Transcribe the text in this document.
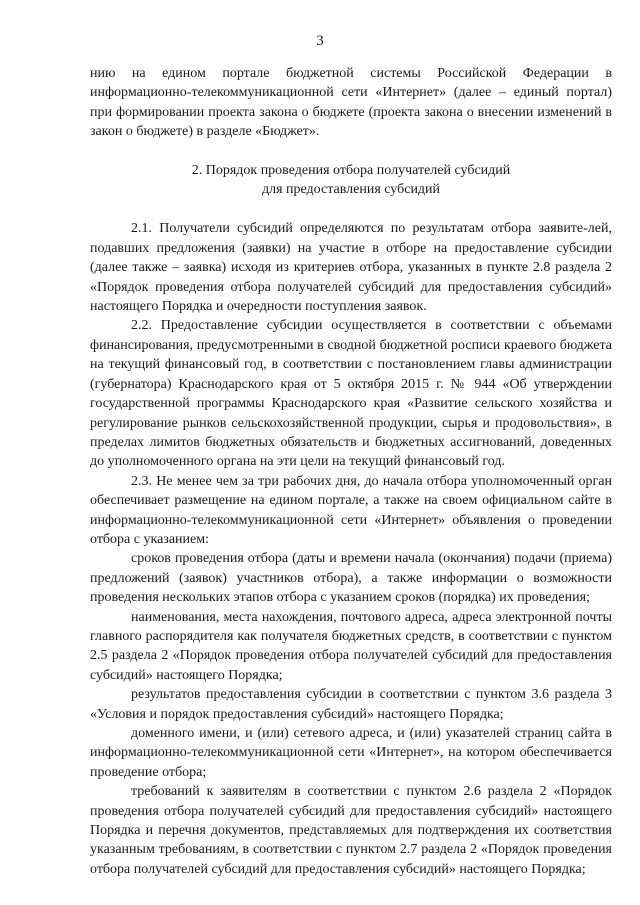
3

нию на едином портале бюджетной системы Российской Федерации в информационно-телекоммуникационной сети «Интернет» (далее – единый портал) при формировании проекта закона о бюджете (проекта закона о внесении изменений в закон о бюджете) в разделе «Бюджет».

2. Порядок проведения отбора получателей субсидий
для предоставления субсидий

2.1. Получатели субсидий определяются по результатам отбора заявите-лей, подавших предложения (заявки) на участие в отборе на предоставление субсидии (далее также – заявка) исходя из критериев отбора, указанных в пункте 2.8 раздела 2 «Порядок проведения отбора получателей субсидий для предоставления субсидий» настоящего Порядка и очередности поступления заявок.

2.2. Предоставление субсидии осуществляется в соответствии с объемами финансирования, предусмотренными в сводной бюджетной росписи краевого бюджета на текущий финансовый год, в соответствии с постановлением главы администрации (губернатора) Краснодарского края от 5 октября 2015 г. № 944 «Об утверждении государственной программы Краснодарского края «Развитие сельского хозяйства и регулирование рынков сельскохозяйственной продукции, сырья и продовольствия», в пределах лимитов бюджетных обязательств и бюджетных ассигнований, доведенных до уполномоченного органа на эти цели на текущий финансовый год.

2.3. Не менее чем за три рабочих дня, до начала отбора уполномоченный орган обеспечивает размещение на едином портале, а также на своем официальном сайте в информационно-телекоммуникационной сети «Интернет» объявления о проведении отбора с указанием:

сроков проведения отбора (даты и времени начала (окончания) подачи (приема) предложений (заявок) участников отбора), а также информации о возможности проведения нескольких этапов отбора с указанием сроков (порядка) их проведения;

наименования, места нахождения, почтового адреса, адреса электронной почты главного распорядителя как получателя бюджетных средств, в соответствии с пунктом 2.5 раздела 2 «Порядок проведения отбора получателей субсидий для предоставления субсидий» настоящего Порядка;

результатов предоставления субсидии в соответствии с пунктом 3.6 раздела 3 «Условия и порядок предоставления субсидий» настоящего Порядка;

доменного имени, и (или) сетевого адреса, и (или) указателей страниц сайта в информационно-телекоммуникационной сети «Интернет», на котором обеспечивается проведение отбора;

требований к заявителям в соответствии с пунктом 2.6 раздела 2 «Порядок проведения отбора получателей субсидий для предоставления субсидий» настоящего Порядка и перечня документов, представляемых для подтверждения их соответствия указанным требованиям, в соответствии с пунктом 2.7 раздела 2 «Порядок проведения отбора получателей субсидий для предоставления субсидий» настоящего Порядка;
